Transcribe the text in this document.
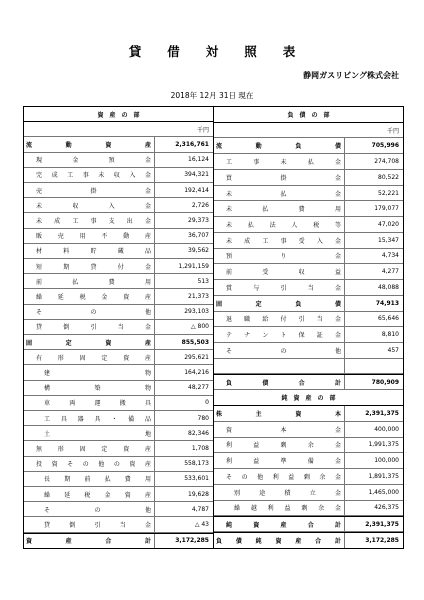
貸借対照表
静岡ガスリビング株式会社
2018年 12月 31日 現在
資　産　の　部
千円
流	動	資	産	2,316,761
現	金	預	金	16,124
完 成 工 事 未 収 入 金	394,321
売	掛	金	192,414
未	収	入	金	2,726
未 成 工 事 支 出 金	29,373
販	売	用	不	動	産	36,707
材	料	貯	蔵	品	39,562
短	期	貸	付	金	1,291,159
前	払	費	用	513
繰	延	税	金	資	産	21,373
そ	の	他	293,103
貸	倒	引	当	金	△ 800
固	定	資	産	855,503
有	形	固	定	資	産	295,621
建	物	164,216
構	築	物	48,277
車	両	運	搬	具	0
工 具 器 具 ・ 備 品	780
土	地	82,346
無	形	固	定	資	産	1,708
投 資 そ の 他 の 資 産	558,173
長 期 前 払 費 用	533,601
繰 延 税 金 資 産	19,628
そ	の	他	4,787
貸	倒	引	当	金	△ 43
資	産	合	計	3,172,285
負　債　の　部
千円
流	動	負	債	705,996
工	事	未	払	金	274,708
買	掛	金	80,522
未	払	金	52,221
未	払	費	用	179,077
未	払	法	人	税	等	47,020
未 成 工 事 受 入 金	15,347
預	り	金	4,734
前	受	収	益	4,277
賞	与	引	当	金	48,088
固	定	負	債	74,913
退 職 給 付 引 当 金	65,646
テ ナ ン ト 保 証 金	8,810
そ	の	他	457
負	債	合	計	780,909
純　資　産　の　部
株	主	資	本	2,391,375
資	本	金	400,000
利	益	剰	余	金	1,991,375
利	益	準	備	金	100,000
そ の 他 利 益 剰 余 金	1,891,375
別	途	積	立	金	1,465,000
繰 越 利 益 剰 余 金	426,375
純	資	産	合	計	2,391,375
負 債 純 資 産 合 計	3,172,285
